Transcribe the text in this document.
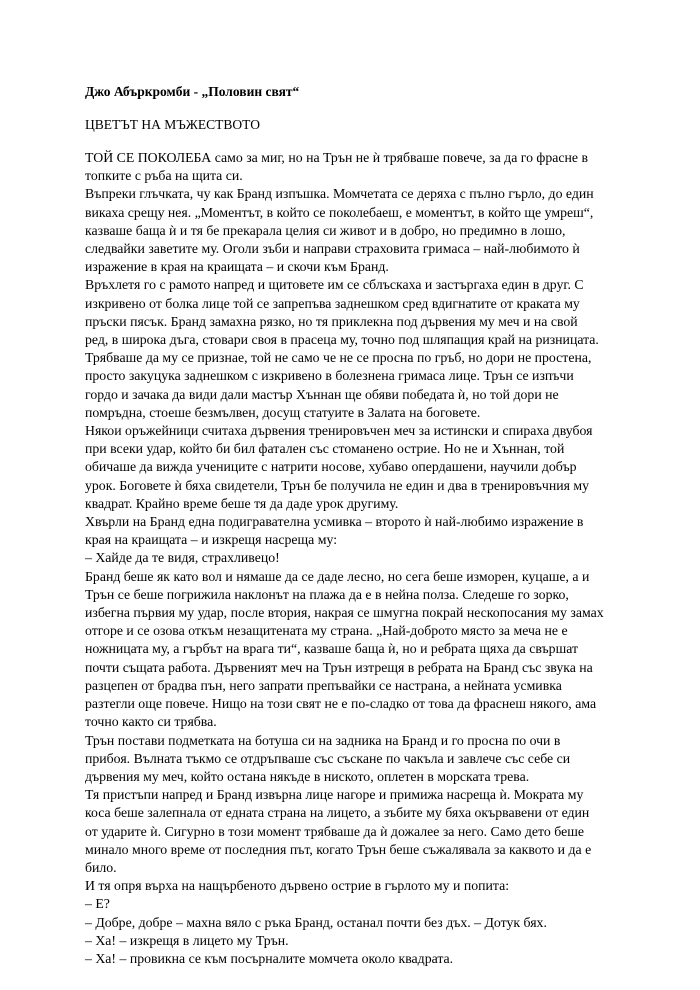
Джо Абъркромби - „Половин свят“
ЦВЕТЪТ НА МЪЖЕСТВОТО
ТОЙ СЕ ПОКОЛЕБА само за миг, но на Трън не ѝ трябваше повече, за да го фрасне в
топките с ръба на щита си.
Въпреки глъчката, чу как Бранд изпъшка. Момчетата се деряха с пълно гърло, до един
викаха срещу нея. „Моментът, в който се поколебаеш, е моментът, в който ще умреш“,
казваше баща ѝ и тя бе прекарала целия си живот и в добро, но предимно в лошо,
следвайки заветите му. Оголи зъби и направи страховита гримаса – най-любимото ѝ
изражение в края на краищата – и скочи към Бранд.
Връхлетя го с рамото напред и щитовете им се сблъскаха и застъргаха един в друг. С
изкривено от болка лице той се запрепъва заднешком сред вдигнатите от краката му
пръски пясък. Бранд замахна рязко, но тя приклекна под дървения му меч и на свой
ред, в широка дъга, стовари своя в прасеца му, точно под шляпащия край на ризницата.
Трябваше да му се признае, той не само че не се просна по гръб, но дори не простена,
просто закуцука заднешком с изкривено в болезнена гримаса лице. Трън се изпъчи
гордо и зачака да види дали мастър Хъннан ще обяви победата ѝ, но той дори не
помръдна, стоеше безмълвен, досущ статуите в Залата на боговете.
Някои оръжейници считаха дървения тренировъчен меч за истински и спираха двубоя
при всеки удар, който би бил фатален със стоманено острие. Но не и Хъннан, той
обичаше да вижда учениците с натрити носове, хубаво опердашени, научили добър
урок. Боговете ѝ бяха свидетели, Трън бе получила не един и два в тренировъчния му
квадрат. Крайно време беше тя да даде урок другиму.
Хвърли на Бранд една подигравателна усмивка – второто ѝ най-любимо изражение в
края на краищата – и изкрещя насреща му:
– Хайде да те видя, страхливецо!
Бранд беше як като вол и нямаше да се даде лесно, но сега беше изморен, куцаше, а и
Трън се беше погрижила наклонът на плажа да е в нейна полза. Следеше го зорко,
избегна първия му удар, после втория, накрая се шмугна покрай нескопосания му замах
отгоре и се озова откъм незащитената му страна. „Най-доброто място за меча не е
ножницата му, а гърбът на врага ти“, казваше баща ѝ, но и ребрата щяха да свършат
почти същата работа. Дървеният меч на Трън изтрещя в ребрата на Бранд със звука на
разцепен от брадва пън, него запрати препъвайки се настрана, а нейната усмивка
разтегли още повече. Нищо на този свят не е по-сладко от това да фраснеш някого, ама
точно както си трябва.
Трън постави подметката на ботуша си на задника на Бранд и го просна по очи в
прибоя. Вълната тъкмо се отдръпваше със съскане по чакъла и завлече със себе си
дървения му меч, който остана някъде в ниското, оплетен в морската трева.
Тя пристъпи напред и Бранд извърна лице нагоре и примижа насреща ѝ. Мократа му
коса беше залепнала от едната страна на лицето, а зъбите му бяха окървавени от един
от ударите ѝ. Сигурно в този момент трябваше да ѝ дожалее за него. Само дето беше
минало много време от последния път, когато Трън беше съжалявала за каквото и да е
било.
И тя опря върха на нащърбеното дървено острие в гърлото му и попита:
– Е?
– Добре, добре – махна вяло с ръка Бранд, останал почти без дъх. – Дотук бях.
– Ха! – изкрещя в лицето му Трън.
– Ха! – провикна се към посърналите момчета около квадрата.
